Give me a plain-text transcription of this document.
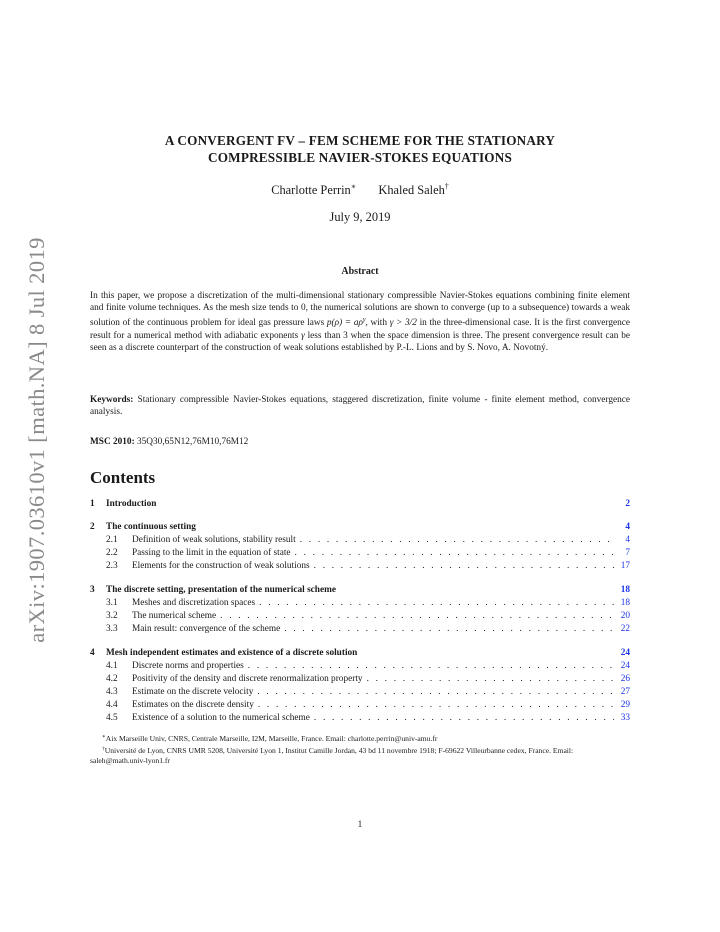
arXiv:1907.03610v1 [math.NA] 8 Jul 2019
A CONVERGENT FV – FEM SCHEME FOR THE STATIONARY
COMPRESSIBLE NAVIER-STOKES EQUATIONS
Charlotte Perrin∗ Khaled Saleh†
July 9, 2019
Abstract
In this paper, we propose a discretization of the multi-dimensional stationary compressible Navier-Stokes equations combining finite element and finite volume techniques. As the mesh size tends to 0, the numerical solutions are shown to converge (up to a subsequence) towards a weak solution of the continuous problem for ideal gas pressure laws $p(\rho) = a\rho^\gamma$, with γ > 3/2 in the three-dimensional case. It is the first convergence result for a numerical method with adiabatic exponents γ less than 3 when the space dimension is three. The present convergence result can be seen as a discrete counterpart of the construction of weak solutions established by P.-L. Lions and by S. Novo, A. Novotný.
Keywords: Stationary compressible Navier-Stokes equations, staggered discretization, finite volume - finite element method, convergence analysis.
MSC 2010: 35Q30,65N12,76M10,76M12
Contents
1	Introduction	2
2	The continuous setting	4
2.1	Definition of weak solutions, stability result . . .	4
2.2	Passing to the limit in the equation of state . . .	7
2.3	Elements for the construction of weak solutions . . .	17
3	The discrete setting, presentation of the numerical scheme	18
3.1	Meshes and discretization spaces . . .	18
3.2	The numerical scheme . . .	20
3.3	Main result: convergence of the scheme . . .	22
4	Mesh independent estimates and existence of a discrete solution	24
4.1	Discrete norms and properties . . .	24
4.2	Positivity of the density and discrete renormalization property . . .	26
4.3	Estimate on the discrete velocity . . .	27
4.4	Estimates on the discrete density . . .	29
4.5	Existence of a solution to the numerical scheme . . .	33
∗Aix Marseille Univ, CNRS, Centrale Marseille, I2M, Marseille, France. Email: charlotte.perrin@univ-amu.fr
†Université de Lyon, CNRS UMR 5208, Université Lyon 1, Institut Camille Jordan, 43 bd 11 novembre 1918; F-69622 Villeurbanne cedex, France. Email: saleh@math.univ-lyon1.fr
1
